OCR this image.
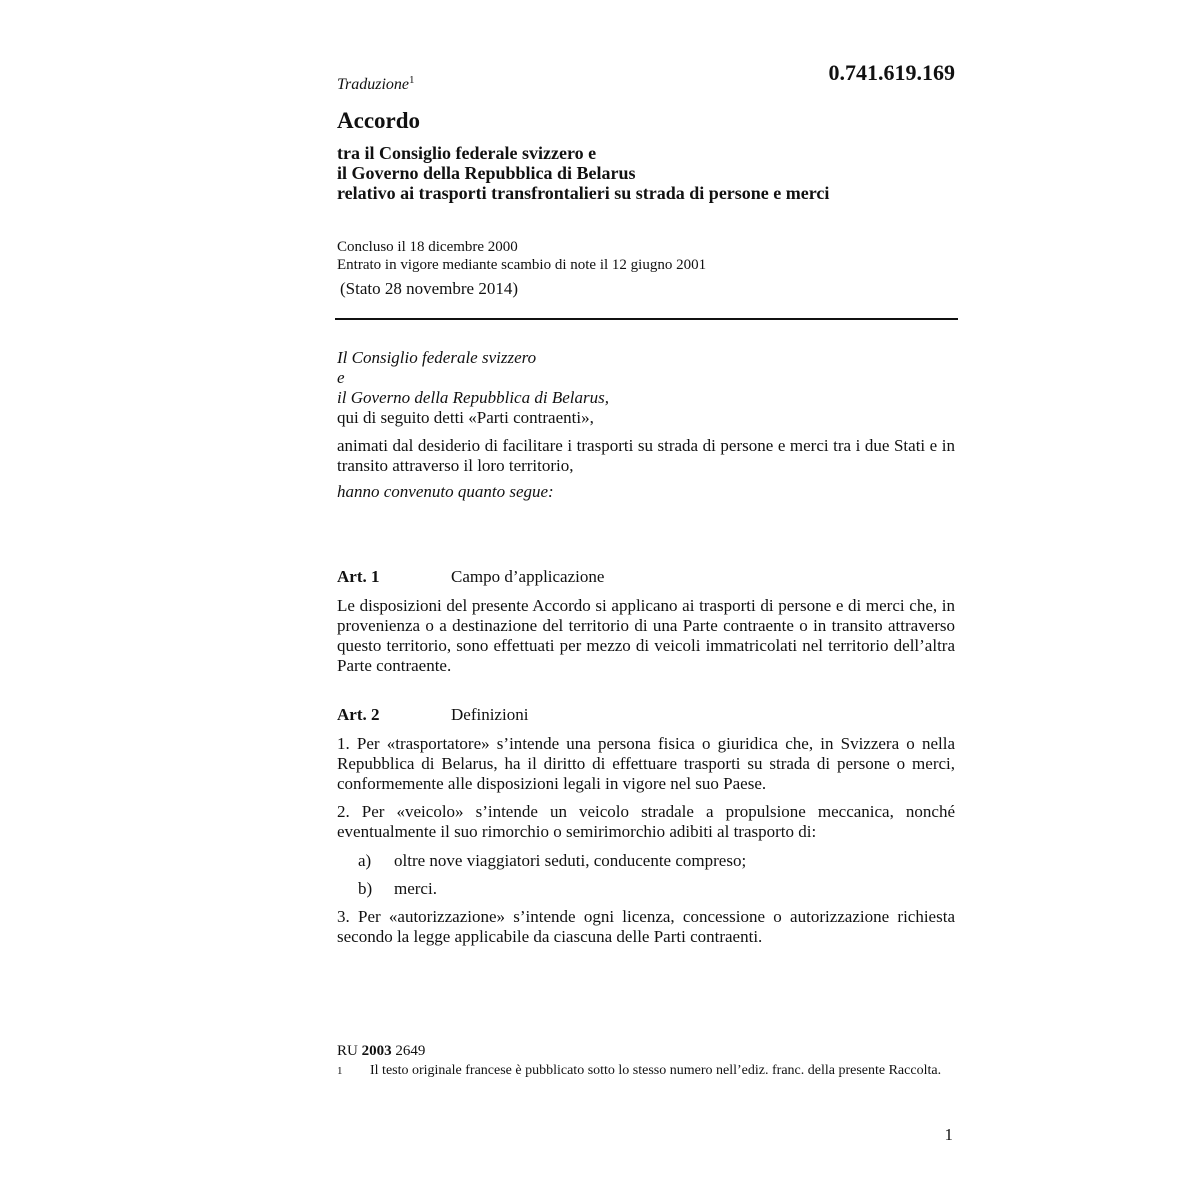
Traduzione$^1$	0.741.619.169
Accordo
tra il Consiglio federale svizzero e
il Governo della Repubblica di Belarus
relativo ai trasporti transfrontalieri su strada di persone e merci
Concluso il 18 dicembre 2000
Entrato in vigore mediante scambio di note il 12 giugno 2001
(Stato 28 novembre 2014)
Il Consiglio federale svizzero
e
il Governo della Repubblica di Belarus,
qui di seguito detti «Parti contraenti»,
animati dal desiderio di facilitare i trasporti su strada di persone e merci tra i due Stati e in transito attraverso il loro territorio,
hanno convenuto quanto segue:
Art. 1	Campo d’applicazione
Le disposizioni del presente Accordo si applicano ai trasporti di persone e di merci che, in provenienza o a destinazione del territorio di una Parte contraente o in transito attraverso questo territorio, sono effettuati per mezzo di veicoli immatricolati nel territorio dell’altra Parte contraente.
Art. 2	Definizioni
1. Per «trasportatore» s’intende una persona fisica o giuridica che, in Svizzera o nella Repubblica di Belarus, ha il diritto di effettuare trasporti su strada di persone o merci, conformemente alle disposizioni legali in vigore nel suo Paese.
2. Per «veicolo» s’intende un veicolo stradale a propulsione meccanica, nonché eventualmente il suo rimorchio o semirimorchio adibiti al trasporto di:
a) oltre nove viaggiatori seduti, conducente compreso;
b) merci.
3. Per «autorizzazione» s’intende ogni licenza, concessione o autorizzazione richiesta secondo la legge applicabile da ciascuna delle Parti contraenti.
RU 2003 2649
1	Il testo originale francese è pubblicato sotto lo stesso numero nell’ediz. franc. della presente Raccolta.
1
